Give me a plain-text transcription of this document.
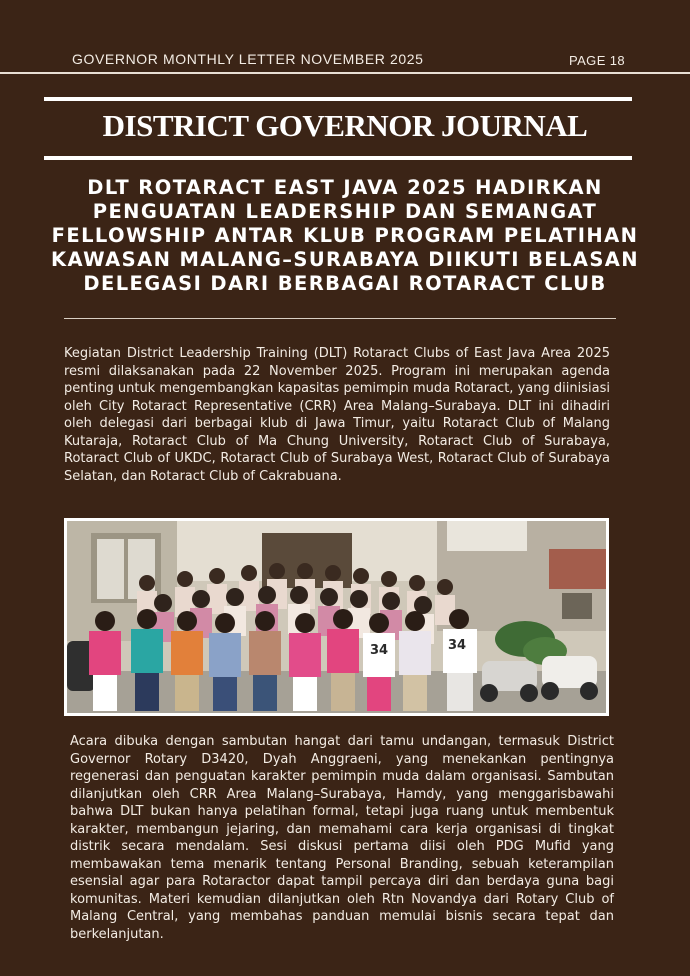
GOVERNOR MONTHLY LETTER NOVEMBER 2025	PAGE 18
DISTRICT GOVERNOR JOURNAL
DLT ROTARACT EAST JAVA 2025 HADIRKAN PENGUATAN LEADERSHIP DAN SEMANGAT FELLOWSHIP ANTAR KLUB PROGRAM PELATIHAN KAWASAN MALANG–SURABAYA DIIKUTI BELASAN DELEGASI DARI BERBAGAI ROTARACT CLUB

Kegiatan District Leadership Training (DLT) Rotaract Clubs of East Java Area 2025 resmi dilaksanakan pada 22 November 2025. Program ini merupakan agenda penting untuk mengembangkan kapasitas pemimpin muda Rotaract, yang diinisiasi oleh City Rotaract Representative (CRR) Area Malang–Surabaya. DLT ini dihadiri oleh delegasi dari berbagai klub di Jawa Timur, yaitu Rotaract Club of Malang Kutaraja, Rotaract Club of Ma Chung University, Rotaract Club of Surabaya, Rotaract Club of UKDC, Rotaract Club of Surabaya West, Rotaract Club of Surabaya Selatan, dan Rotaract Club of Cakrabuana.

34	34

Acara dibuka dengan sambutan hangat dari tamu undangan, termasuk District Governor Rotary D3420, Dyah Anggraeni, yang menekankan pentingnya regenerasi dan penguatan karakter pemimpin muda dalam organisasi. Sambutan dilanjutkan oleh CRR Area Malang–Surabaya, Hamdy, yang menggarisbawahi bahwa DLT bukan hanya pelatihan formal, tetapi juga ruang untuk membentuk karakter, membangun jejaring, dan memahami cara kerja organisasi di tingkat distrik secara mendalam. Sesi diskusi pertama diisi oleh PDG Mufid yang membawakan tema menarik tentang Personal Branding, sebuah keterampilan esensial agar para Rotaractor dapat tampil percaya diri dan berdaya guna bagi komunitas. Materi kemudian dilanjutkan oleh Rtn Novandya dari Rotary Club of Malang Central, yang membahas panduan memulai bisnis secara tepat dan berkelanjutan.
